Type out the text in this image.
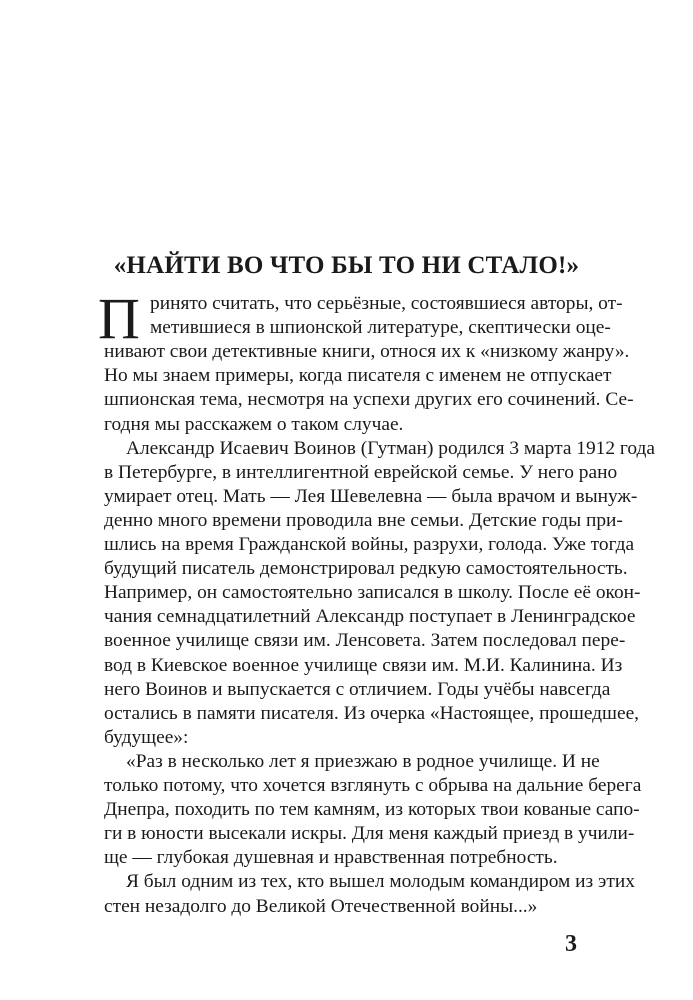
«НАЙТИ ВО ЧТО БЫ ТО НИ СТАЛО!»
П ринято считать, что серьёзные, состоявшиеся авторы, от-
метившиеся в шпионской литературе, скептически оце-
нивают свои детективные книги, относя их к «низкому жанру».
Но мы знаем примеры, когда писателя с именем не отпускает
шпионская тема, несмотря на успехи других его сочинений. Се-
годня мы расскажем о таком случае.
Александр Исаевич Воинов (Гутман) родился 3 марта 1912 года
в Петербурге, в интеллигентной еврейской семье. У него рано
умирает отец. Мать — Лея Шевелевна — была врачом и вынуж-
денно много времени проводила вне семьи. Детские годы при-
шлись на время Гражданской войны, разрухи, голода. Уже тогда
будущий писатель демонстрировал редкую самостоятельность.
Например, он самостоятельно записался в школу. После её окон-
чания семнадцатилетний Александр поступает в Ленинградское
военное училище связи им. Ленсовета. Затем последовал пере-
вод в Киевское военное училище связи им. М.И. Калинина. Из
него Воинов и выпускается с отличием. Годы учёбы навсегда
остались в памяти писателя. Из очерка «Настоящее, прошедшее,
будущее»:
«Раз в несколько лет я приезжаю в родное училище. И не
только потому, что хочется взглянуть с обрыва на дальние берега
Днепра, походить по тем камням, из которых твои кованые сапо-
ги в юности высекали искры. Для меня каждый приезд в учили-
ще — глубокая душевная и нравственная потребность.
Я был одним из тех, кто вышел молодым командиром из этих
стен незадолго до Великой Отечественной войны...»
3
